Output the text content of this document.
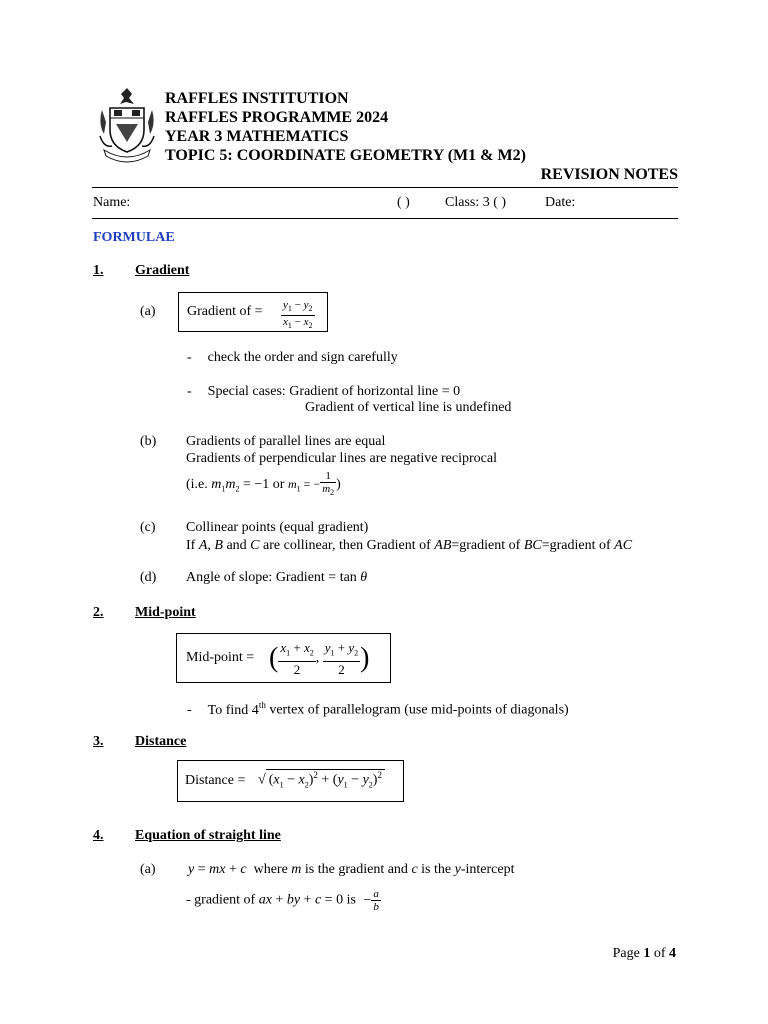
RAFFLES INSTITUTION
RAFFLES PROGRAMME 2024
YEAR 3 MATHEMATICS
TOPIC 5: COORDINATE GEOMETRY (M1 & M2)
REVISION NOTES
Name:	( )	Class: 3 ( )	Date:
FORMULAE
1. Gradient
(a) Gradient of = $\frac{y_1 - y_2}{x_1 - x_2}$
- check the order and sign carefully
- Special cases: Gradient of horizontal line = 0
Gradient of vertical line is undefined
(b) Gradients of parallel lines are equal
Gradients of perpendicular lines are negative reciprocal
(i.e. $m_1m_2 = -1$ or $m_1$ = − $\frac{1}{m_2}$ )
(c) Collinear points (equal gradient)
If A, B and C are collinear, then Gradient of AB=gradient of BC=gradient of AC
(d) Angle of slope: Gradient = tan θ
2. Mid-point
Mid-point = ( $\frac{x_1 + x_2}{2}$ , $\frac{y_1 + y_2}{2}$ )
- To find 4th vertex of parallelogram (use mid-points of diagonals)
3. Distance
Distance = √ $(x_1 - x_2)^2 + (y_1 - y_2)^2$
4. Equation of straight line
(a) y = mx + c where m is the gradient and c is the y-intercept
- gradient of ax + by + c = 0 is − $\frac{a}{b}$
Page 1 of 4
